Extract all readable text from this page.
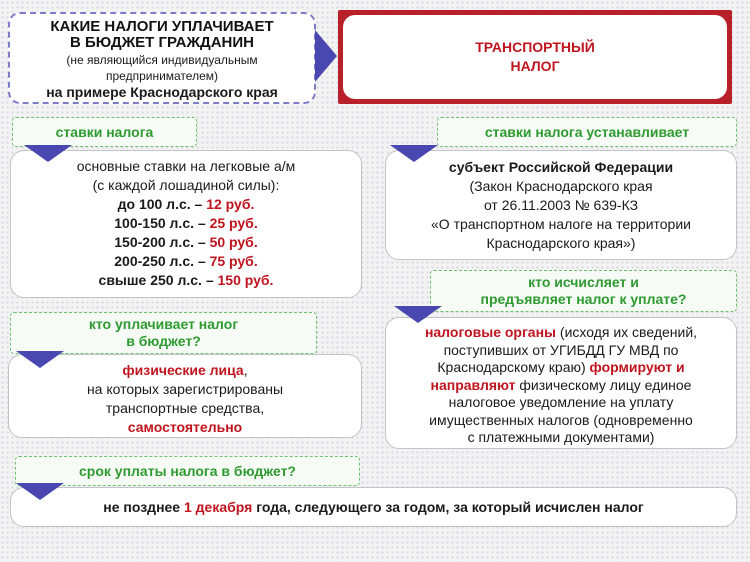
КАКИЕ НАЛОГИ УПЛАЧИВАЕТ
В БЮДЖЕТ ГРАЖДАНИН
(не являющийся индивидуальным
предпринимателем)
на примере Краснодарского края
ТРАНСПОРТНЫЙ
НАЛОГ
ставки налога
основные ставки на легковые а/м
(с каждой лошадиной силы):
до 100 л.с. – 12 руб.
100-150 л.с. – 25 руб.
150-200 л.с. – 50 руб.
200-250 л.с. – 75 руб.
свыше 250 л.с. – 150 руб.
ставки налога устанавливает
субъект Российской Федерации
(Закон Краснодарского края
от 26.11.2003 № 639-КЗ
«О транспортном налоге на территории
Краснодарского края»)
кто исчисляет и
предъявляет налог к уплате?
налоговые органы (исходя их сведений,
поступивших от УГИБДД ГУ МВД по
Краснодарскому краю) формируют и
направляют физическому лицу единое
налоговое уведомление на уплату
имущественных налогов (одновременно
с платежными документами)
кто уплачивает налог
в бюджет?
физические лица,
на которых зарегистрированы
транспортные средства,
самостоятельно
срок уплаты налога в бюджет?
не позднее 1 декабря года, следующего за годом, за который исчислен налог
